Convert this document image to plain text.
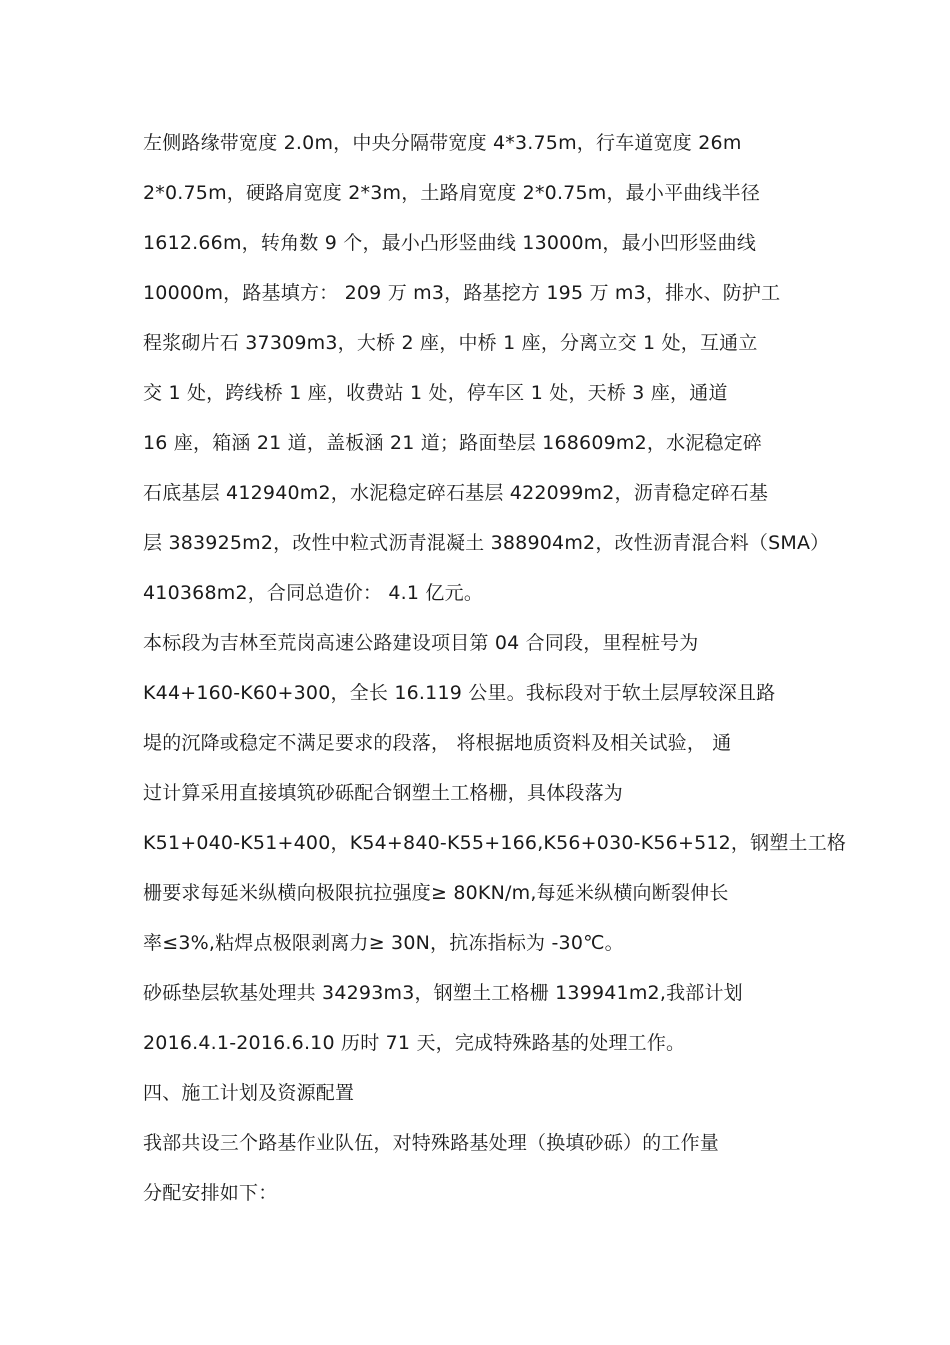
左侧路缘带宽度 2.0m，中央分隔带宽度 4*3.75m，行车道宽度 26m
2*0.75m，硬路肩宽度 2*3m，土路肩宽度 2*0.75m，最小平曲线半径
1612.66m，转角数 9 个，最小凸形竖曲线 13000m，最小凹形竖曲线
10000m，路基填方： 209 万 m3，路基挖方 195 万 m3，排水、防护工
程浆砌片石 37309m3，大桥 2 座，中桥 1 座，分离立交 1 处，互通立
交 1 处，跨线桥 1 座，收费站 1 处，停车区 1 处，天桥 3 座，通道
16 座，箱涵 21 道，盖板涵 21 道；路面垫层 168609m2，水泥稳定碎
石底基层 412940m2，水泥稳定碎石基层 422099m2，沥青稳定碎石基
层 383925m2，改性中粒式沥青混凝土 388904m2，改性沥青混合料（SMA）
410368m2，合同总造价： 4.1 亿元。
本标段为吉林至荒岗高速公路建设项目第 04 合同段，里程桩号为
K44+160-K60+300，全长 16.119 公里。我标段对于软土层厚较深且路
堤的沉降或稳定不满足要求的段落， 将根据地质资料及相关试验， 通
过计算采用直接填筑砂砾配合钢塑土工格栅，具体段落为
K51+040-K51+400，K54+840-K55+166,K56+030-K56+512，钢塑土工格
栅要求每延米纵横向极限抗拉强度≥ 80KN/m,每延米纵横向断裂伸长
率≤3%,粘焊点极限剥离力≥ 30N，抗冻指标为 -30℃。
砂砾垫层软基处理共 34293m3，钢塑土工格栅 139941m2,我部计划
2016.4.1-2016.6.10 历时 71 天，完成特殊路基的处理工作。
四、施工计划及资源配置
我部共设三个路基作业队伍，对特殊路基处理（换填砂砾）的工作量
分配安排如下：
